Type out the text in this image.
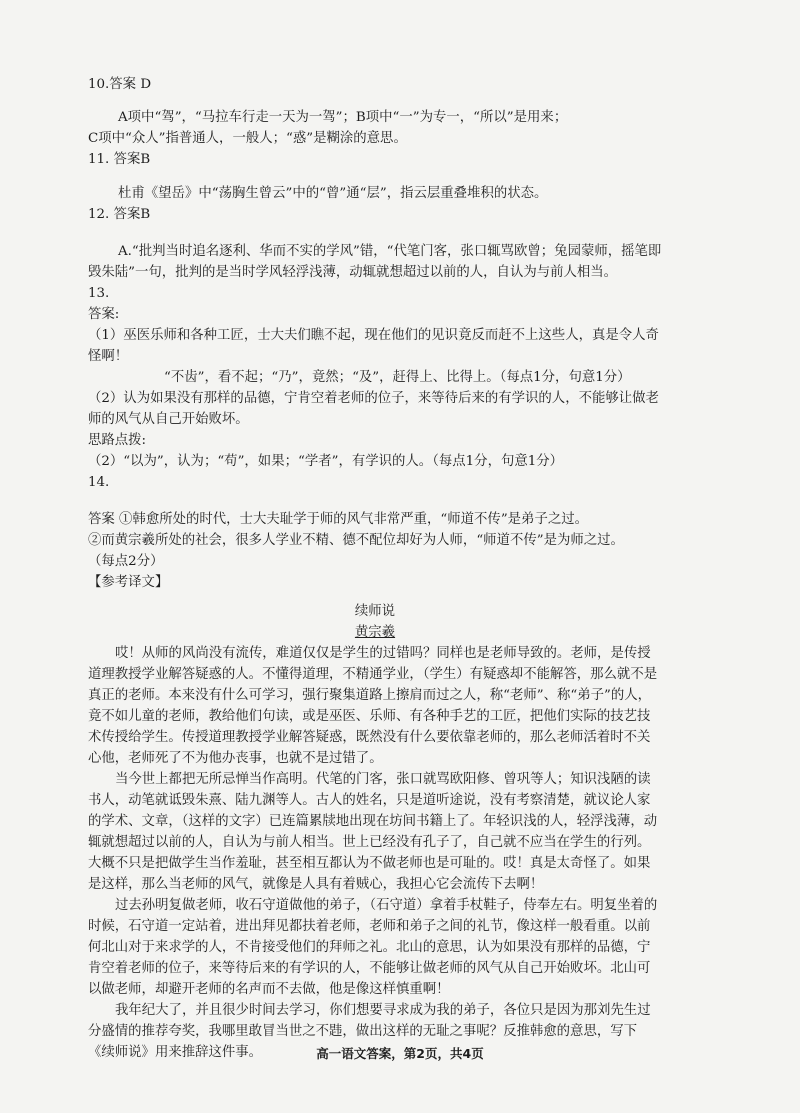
10.答案 D

A项中“驾”，“马拉车行走一天为一驾”；B项中“一”为专一，“所以”是用来；

C项中“众人”指普通人，一般人；“惑”是糊涂的意思。

11. 答案B

杜甫《望岳》中“荡胸生曾云”中的“曾”通“层”，指云层重叠堆积的状态。

12. 答案B

A.“批判当时追名逐利、华而不实的学风”错，“代笔门客，张口辄骂欧曾；兔园蒙师，摇笔即毁朱陆”一句，批判的是当时学风轻浮浅薄，动辄就想超过以前的人，自认为与前人相当。

13.

答案:

（1）巫医乐师和各种工匠，士大夫们瞧不起，现在他们的见识竟反而赶不上这些人，真是令人奇怪啊！

“不齿”，看不起；“乃”，竟然；“及”，赶得上、比得上。（每点1分，句意1分）

（2）认为如果没有那样的品德，宁肯空着老师的位子，来等待后来的有学识的人，不能够让做老师的风气从自己开始败坏。

思路点拨:

（2）“以为”，认为；“苟”，如果；“学者”，有学识的人。（每点1分，句意1分）

14.

答案 ①韩愈所处的时代，士大夫耻学于师的风气非常严重，“师道不传”是弟子之过。

②而黄宗羲所处的社会，很多人学业不精、德不配位却好为人师，“师道不传”是为师之过。

（每点2分）

【参考译文】

续师说

黄宗羲

哎！从师的风尚没有流传，难道仅仅是学生的过错吗？同样也是老师导致的。老师，是传授道理教授学业解答疑惑的人。不懂得道理，不精通学业，（学生）有疑惑却不能解答，那么就不是真正的老师。本来没有什么可学习，强行聚集道路上擦肩而过之人，称“老师”、称“弟子”的人，竟不如儿童的老师，教给他们句读，或是巫医、乐师、有各种手艺的工匠，把他们实际的技艺技术传授给学生。传授道理教授学业解答疑惑，既然没有什么要依靠老师的，那么老师活着时不关心他，老师死了不为他办丧事，也就不是过错了。

当今世上都把无所忌惮当作高明。代笔的门客，张口就骂欧阳修、曾巩等人；知识浅陋的读书人，动笔就诋毁朱熹、陆九渊等人。古人的姓名，只是道听途说，没有考察清楚，就议论人家的学术、文章，（这样的文字）已连篇累牍地出现在坊间书籍上了。年轻识浅的人，轻浮浅薄，动辄就想超过以前的人，自认为与前人相当。世上已经没有孔子了，自己就不应当在学生的行列。大概不只是把做学生当作羞耻，甚至相互都认为不做老师也是可耻的。哎！真是太奇怪了。如果是这样，那么当老师的风气，就像是人具有着贼心，我担心它会流传下去啊！

过去孙明复做老师，收石守道做他的弟子，（石守道）拿着手杖鞋子，侍奉左右。明复坐着的时候，石守道一定站着，进出拜见都扶着老师，老师和弟子之间的礼节，像这样一般看重。以前何北山对于来求学的人，不肯接受他们的拜师之礼。北山的意思，认为如果没有那样的品德，宁肯空着老师的位子，来等待后来的有学识的人，不能够让做老师的风气从自己开始败坏。北山可以做老师，却避开老师的名声而不去做，他是像这样慎重啊！

我年纪大了，并且很少时间去学习，你们想要寻求成为我的弟子，各位只是因为那刘先生过分盛情的推荐夸奖，我哪里敢冒当世之不韪，做出这样的无耻之事呢？反推韩愈的意思，写下《续师说》用来推辞这件事。	高一语文答案，第2页，共4页
